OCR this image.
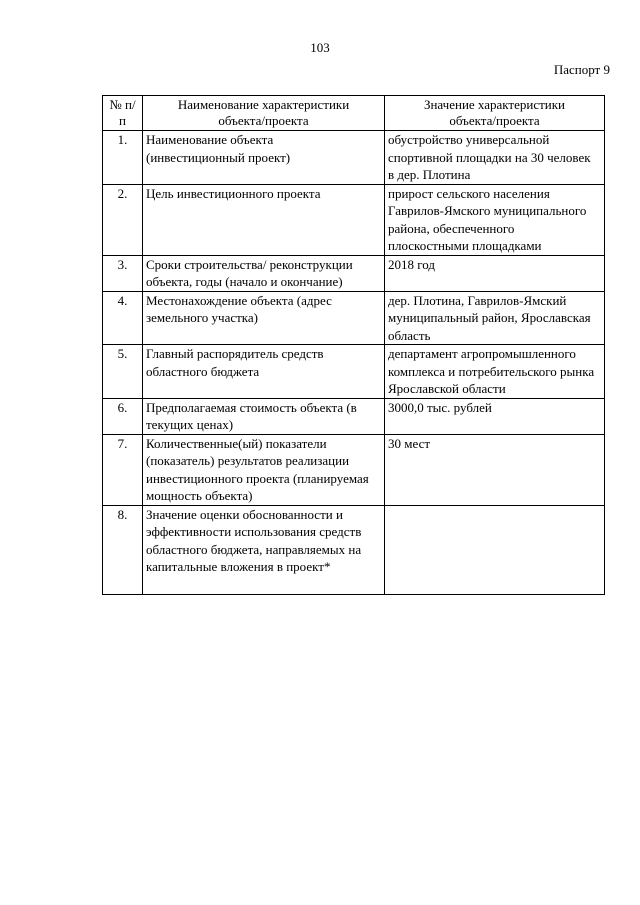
103
Паспорт 9
№ п/п	Наименование характеристики объекта/проекта	Значение характеристики объекта/проекта
1.	Наименование объекта (инвестиционный проект)	обустройство универсальной спортивной площадки на 30 человек в дер. Плотина

2.	Цель инвестиционного проекта	прирост сельского населения Гаврилов-Ямского муниципального района, обеспеченного плоскостными площадками

3.	Сроки строительства/ реконструкции объекта, годы (начало и окончание)	2018 год

4.	Местонахождение объекта (адрес земельного участка)	дер. Плотина, Гаврилов-Ямский муниципальный район, Ярославская область

5.	Главный распорядитель средств областного бюджета	департамент агропромышленного комплекса и потребительского рынка Ярославской области

6.	Предполагаемая стоимость объекта (в текущих ценах)	3000,0 тыс. рублей

7.	Количественные(ый) показатели (показатель) результатов реализации инвестиционного проекта (планируемая мощность объекта)	30 мест

8.	Значение оценки обоснованности и эффективности использования средств областного бюджета, направляемых на капитальные вложения в проект*	
